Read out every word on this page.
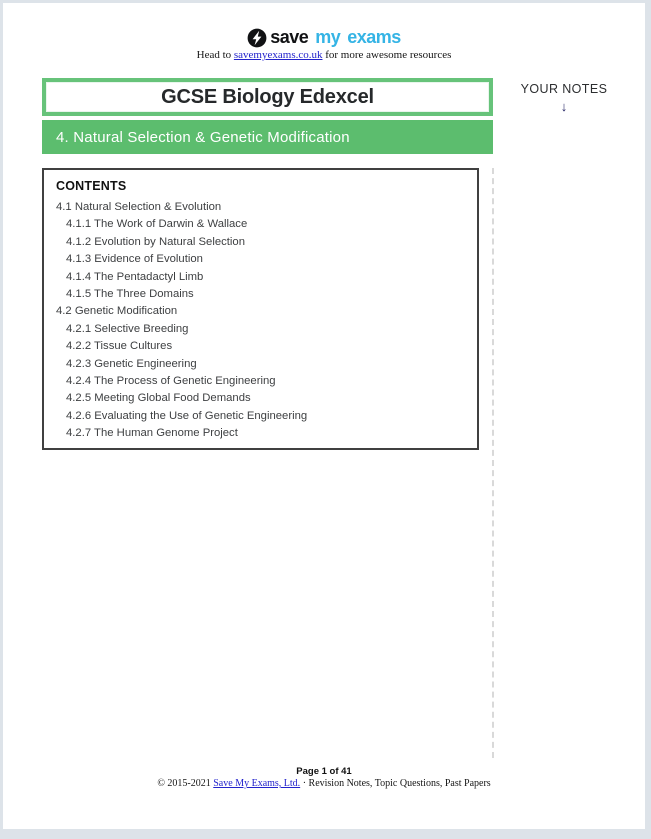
save my exams
Head to savemyexams.co.uk for more awesome resources
GCSE Biology Edexcel
4. Natural Selection & Genetic Modification
YOUR NOTES
↓
CONTENTS
4.1 Natural Selection & Evolution
4.1.1 The Work of Darwin & Wallace
4.1.2 Evolution by Natural Selection
4.1.3 Evidence of Evolution
4.1.4 The Pentadactyl Limb
4.1.5 The Three Domains
4.2 Genetic Modification
4.2.1 Selective Breeding
4.2.2 Tissue Cultures
4.2.3 Genetic Engineering
4.2.4 The Process of Genetic Engineering
4.2.5 Meeting Global Food Demands
4.2.6 Evaluating the Use of Genetic Engineering
4.2.7 The Human Genome Project
Page 1 of 41
© 2015-2021 Save My Exams, Ltd. · Revision Notes, Topic Questions, Past Papers
